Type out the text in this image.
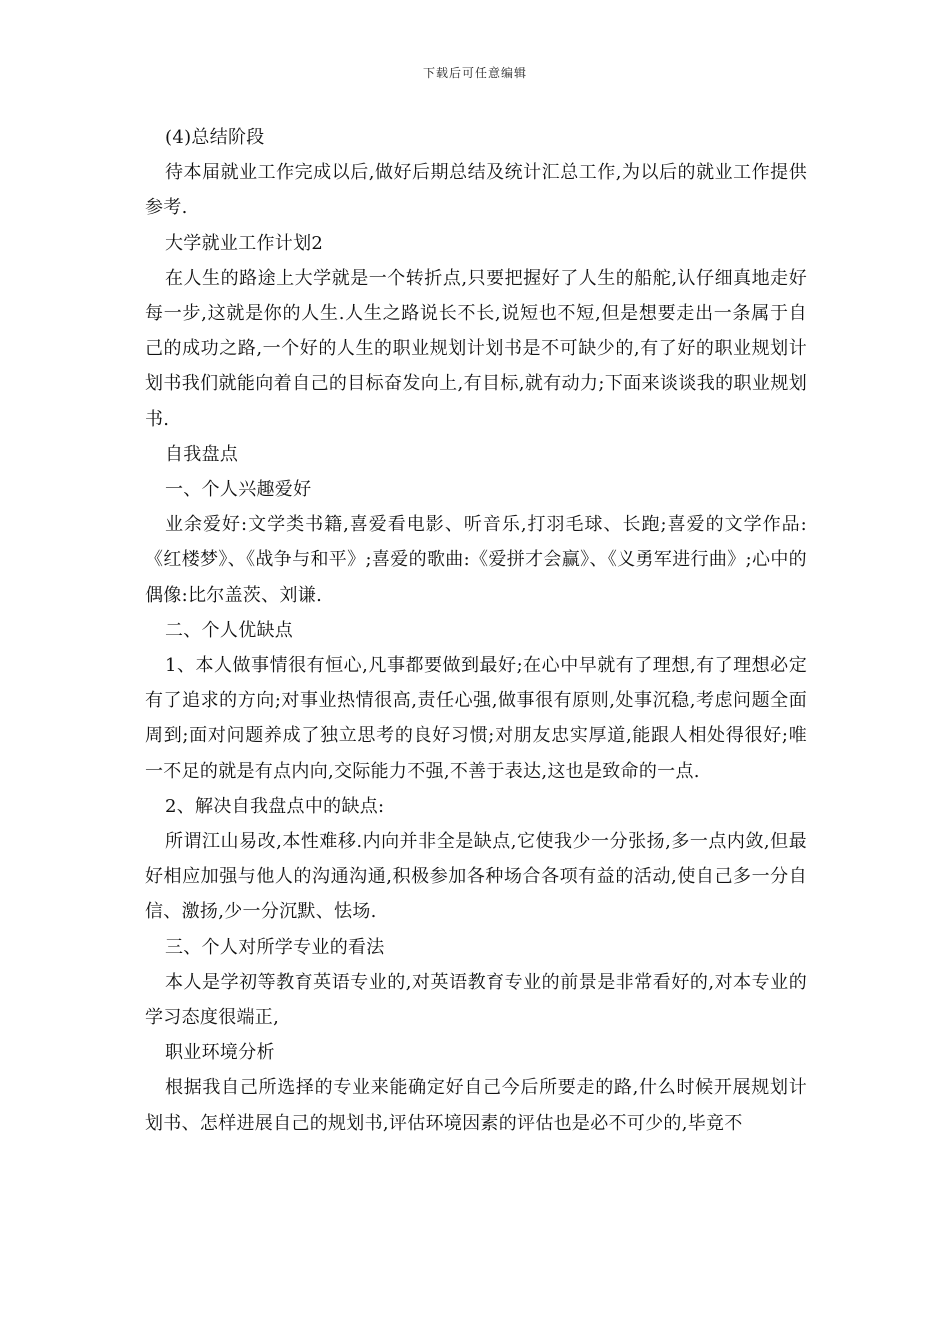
下载后可任意编辑

(4)总结阶段

待本届就业工作完成以后,做好后期总结及统计汇总工作,为以后的就业工作提供参考.

大学就业工作计划2

在人生的路途上大学就是一个转折点,只要把握好了人生的船舵,认仔细真地走好每一步,这就是你的人生.人生之路说长不长,说短也不短,但是想要走出一条属于自己的成功之路,一个好的人生的职业规划计划书是不可缺少的,有了好的职业规划计划书我们就能向着自己的目标奋发向上,有目标,就有动力;下面来谈谈我的职业规划书.

自我盘点

一、个人兴趣爱好

业余爱好:文学类书籍,喜爱看电影、听音乐,打羽毛球、长跑;喜爱的文学作品:《红楼梦》、《战争与和平》;喜爱的歌曲:《爱拼才会赢》、《义勇军进行曲》;心中的偶像:比尔盖茨、刘谦.

二、个人优缺点

1、本人做事情很有恒心,凡事都要做到最好;在心中早就有了理想,有了理想必定有了追求的方向;对事业热情很高,责任心强,做事很有原则,处事沉稳,考虑问题全面周到;面对问题养成了独立思考的良好习惯;对朋友忠实厚道,能跟人相处得很好;唯一不足的就是有点内向,交际能力不强,不善于表达,这也是致命的一点.

2、解决自我盘点中的缺点:

所谓江山易改,本性难移.内向并非全是缺点,它使我少一分张扬,多一点内敛,但最好相应加强与他人的沟通沟通,积极参加各种场合各项有益的活动,使自己多一分自信、激扬,少一分沉默、怯场.

三、个人对所学专业的看法

本人是学初等教育英语专业的,对英语教育专业的前景是非常看好的,对本专业的学习态度很端正,

职业环境分析

根据我自己所选择的专业来能确定好自己今后所要走的路,什么时候开展规划计划书、怎样进展自己的规划书,评估环境因素的评估也是必不可少的,毕竟不
